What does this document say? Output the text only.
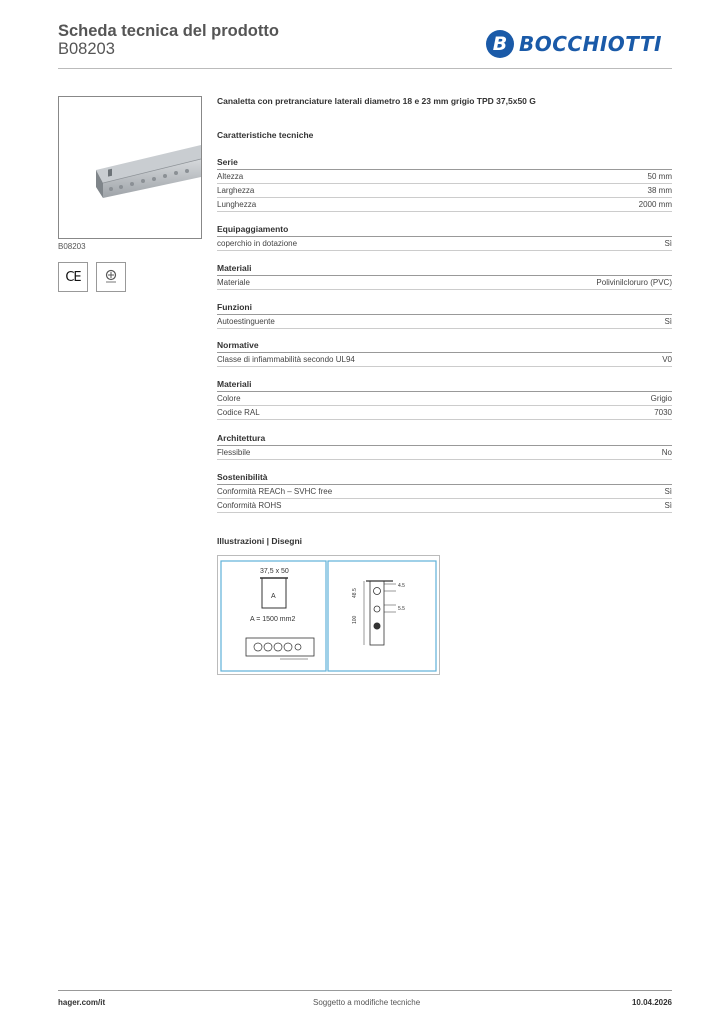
Scheda tecnica del prodotto
B08203	B BOCCHIOTTI
B08203
CE
Canaletta con pretranciature laterali diametro 18 e 23 mm grigio TPD 37,5x50 G
Caratteristiche tecniche
Serie
Altezza	50 mm
Larghezza	38 mm
Lunghezza	2000 mm
Equipaggiamento
coperchio in dotazione	Sì
Materiali
Materiale	Polivinilcloruro (PVC)
Funzioni
Autoestinguente	Sì
Normative
Classe di infiammabilità secondo UL94	V0
Materiali
Colore	Grigio
Codice RAL	7030
Architettura
Flessibile	No
Sostenibilità
Conformità REACh – SVHC free	Sì
Conformità ROHS	Sì
Illustrazioni | Disegni
37,5 x 50
A
A = 1500 mm2
4.5
48.5
100
5.5
hager.com/it	Soggetto a modifiche tecniche	10.04.2026
